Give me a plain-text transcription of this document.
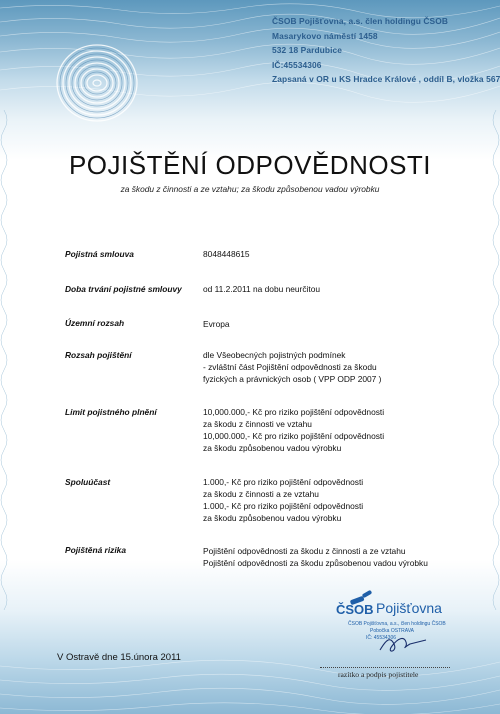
ČSOB Pojišťovna, a.s. člen holdingu ČSOB
Masarykovo náměstí 1458
532 18 Pardubice
IČ:45534306
Zapsaná v OR u KS Hradce Králové , oddíl B, vložka 567
POJIŠTĚNÍ ODPOVĚDNOSTI
za škodu z činnosti a ze vztahu; za škodu způsobenou vadou výrobku
Pojistná smlouva	8048448615
Doba trvání pojistné smlouvy	od 11.2.2011 na dobu neurčitou
Územní rozsah	Evropa
Rozsah pojištění	dle Všeobecných pojistných podmínek
- zvláštní část Pojištění odpovědnosti za škodu
fyzických a právnických osob ( VPP ODP 2007 )
Limit pojistného plnění	10,000.000,- Kč pro riziko pojištění odpovědnosti
za škodu z činnosti ve vztahu
10,000.000,- Kč pro riziko pojištění odpovědnosti
za škodu způsobenou vadou výrobku
Spoluúčast	1.000,- Kč pro riziko pojištění odpovědnosti
za škodu z činnosti a ze vztahu
1.000,- Kč pro riziko pojištění odpovědnosti
za škodu způsobenou vadou výrobku
Pojištěná rizika	Pojištění odpovědnosti za škodu z činnosti a ze vztahu
Pojištění odpovědnosti za škodu způsobenou vadou výrobku
V Ostravě dne 15.února 2011
ČSOB Pojišťovna
ČSOB Pojišťovna, a.s., člen holdingu ČSOB
Pobočka OSTRAVA
IČ: 45534306
razítko a podpis pojistitele
